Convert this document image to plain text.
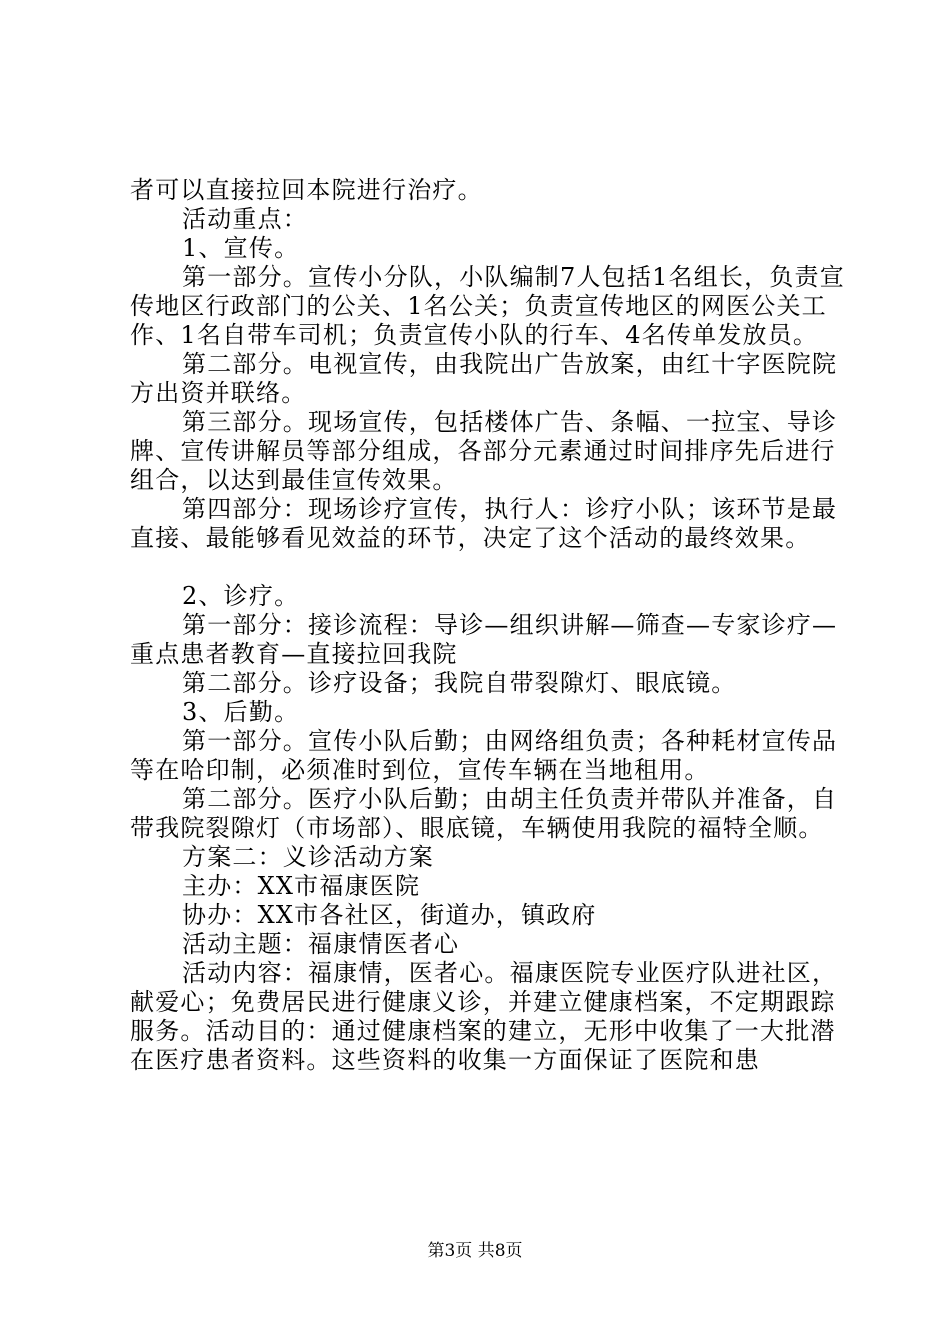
者可以直接拉回本院进行治疗。

活动重点：

1、宣传。

第一部分。宣传小分队，小队编制7人包括1名组长，负责宣传地区行政部门的公关、1名公关；负责宣传地区的网医公关工作、1名自带车司机；负责宣传小队的行车、4名传单发放员。

第二部分。电视宣传，由我院出广告放案，由红十字医院院方出资并联络。

第三部分。现场宣传，包括楼体广告、条幅、一拉宝、导诊牌、宣传讲解员等部分组成，各部分元素通过时间排序先后进行组合，以达到最佳宣传效果。

第四部分：现场诊疗宣传，执行人：诊疗小队；该环节是最直接、最能够看见效益的环节，决定了这个活动的最终效果。

2、诊疗。

第一部分：接诊流程：导诊—组织讲解—筛查—专家诊疗—重点患者教育—直接拉回我院

第二部分。诊疗设备；我院自带裂隙灯、眼底镜。

3、后勤。

第一部分。宣传小队后勤；由网络组负责；各种耗材宣传品等在哈印制，必须准时到位，宣传车辆在当地租用。

第二部分。医疗小队后勤；由胡主任负责并带队并准备，自带我院裂隙灯（市场部）、眼底镜，车辆使用我院的福特全顺。

方案二：义诊活动方案

主办：XX市福康医院

协办：XX市各社区，街道办，镇政府

活动主题：福康情医者心

活动内容：福康情，医者心。福康医院专业医疗队进社区，献爱心；免费居民进行健康义诊，并建立健康档案，不定期跟踪服务。活动目的：通过健康档案的建立，无形中收集了一大批潜在医疗患者资料。这些资料的收集一方面保证了医院和患

第3页 共8页
